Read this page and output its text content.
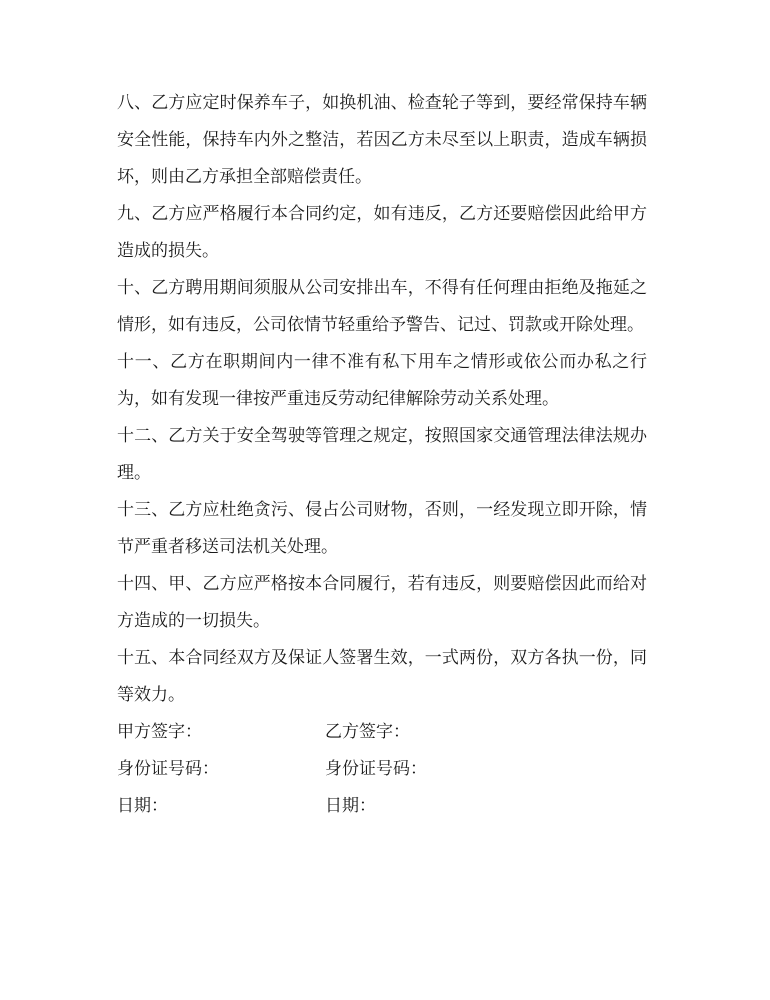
八、乙方应定时保养车子，如换机油、检查轮子等到，要经常保持车辆安全性能，保持车内外之整洁，若因乙方未尽至以上职责，造成车辆损坏，则由乙方承担全部赔偿责任。

九、乙方应严格履行本合同约定，如有违反，乙方还要赔偿因此给甲方造成的损失。

十、乙方聘用期间须服从公司安排出车，不得有任何理由拒绝及拖延之情形，如有违反，公司依情节轻重给予警告、记过、罚款或开除处理。

十一、乙方在职期间内一律不准有私下用车之情形或依公而办私之行为，如有发现一律按严重违反劳动纪律解除劳动关系处理。

十二、乙方关于安全驾驶等管理之规定，按照国家交通管理法律法规办理。

十三、乙方应杜绝贪污、侵占公司财物，否则，一经发现立即开除，情节严重者移送司法机关处理。

十四、甲、乙方应严格按本合同履行，若有违反，则要赔偿因此而给对方造成的一切损失。

十五、本合同经双方及保证人签署生效，一式两份，双方各执一份，同等效力。

甲方签字：	乙方签字：
身份证号码：	身份证号码：
日期：	日期：
